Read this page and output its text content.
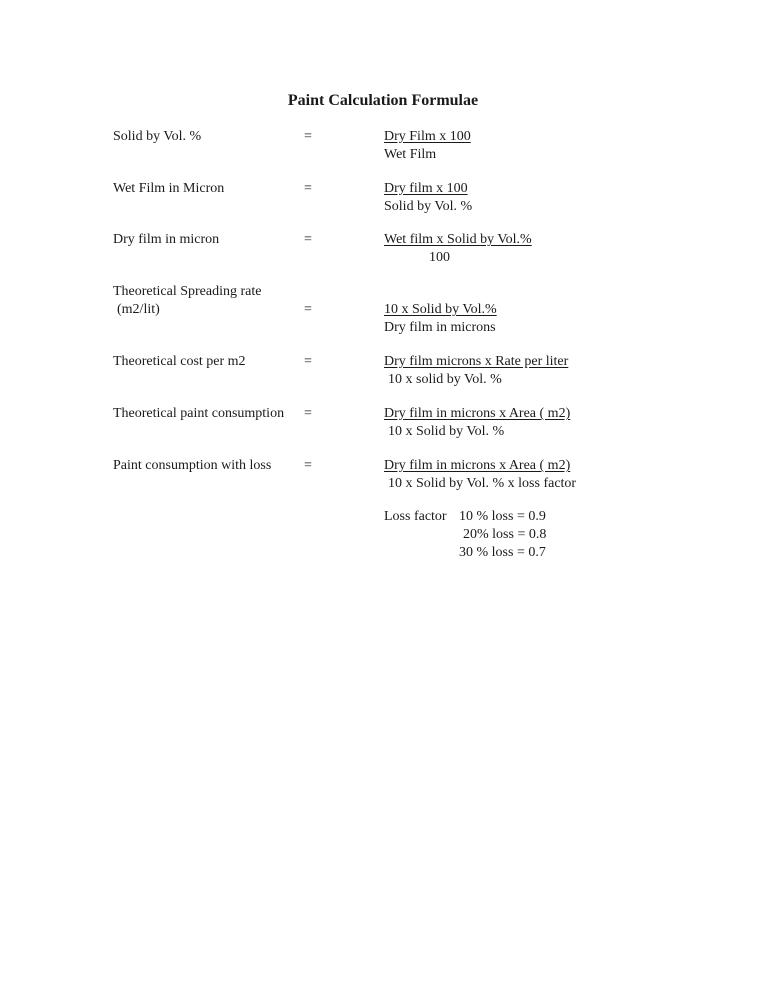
Paint Calculation Formulae
Solid by Vol. %	=	Dry Film x 100
Wet Film
Wet Film in Micron	=	Dry film x 100
Solid by Vol. %
Dry film in micron	=	Wet film x Solid by Vol.%
100
Theoretical Spreading rate
(m2/lit)	=	10 x Solid by Vol.%
Dry film in microns
Theoretical cost per m2	=	Dry film microns x Rate per liter
10 x solid by Vol. %
Theoretical paint consumption =	Dry film in microns x Area ( m2)
10 x Solid by Vol. %
Paint consumption with loss =	Dry film in microns x Area ( m2)
10 x Solid by Vol. % x loss factor
Loss factor 10 % loss = 0.9
20% loss = 0.8
30 % loss = 0.7
